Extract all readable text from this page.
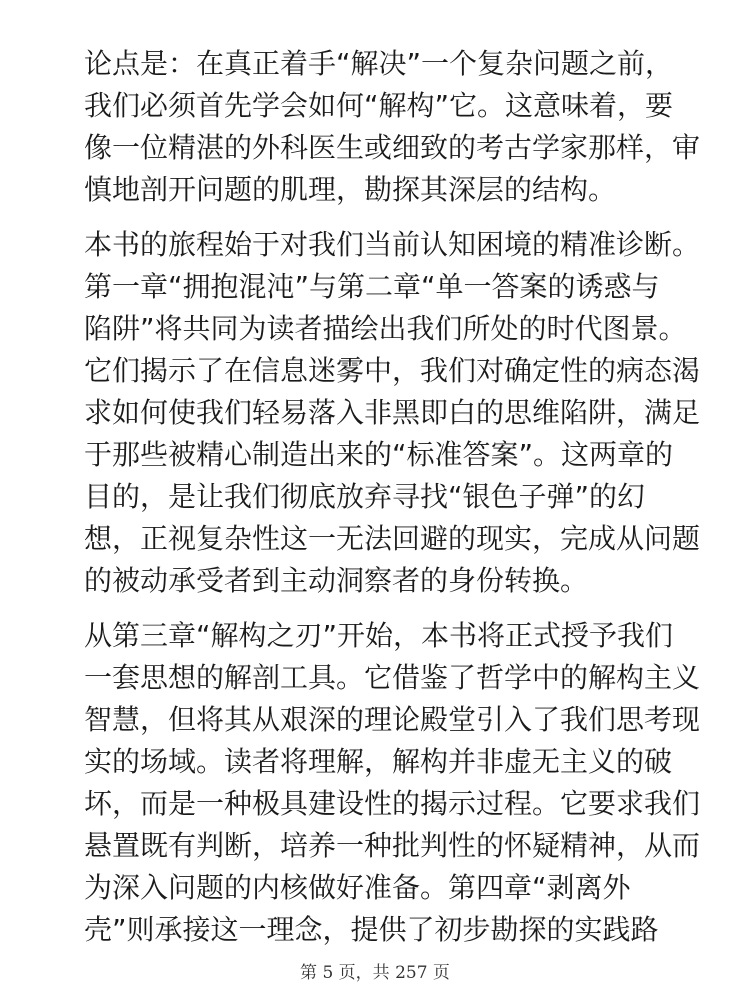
论点是：在真正着手“解决”一个复杂问题之前，
我们必须首先学会如何“解构”它。这意味着，要
像一位精湛的外科医生或细致的考古学家那样，审
慎地剖开问题的肌理，勘探其深层的结构。
本书的旅程始于对我们当前认知困境的精准诊断。
第一章“拥抱混沌”与第二章“单一答案的诱惑与
陷阱”将共同为读者描绘出我们所处的时代图景。
它们揭示了在信息迷雾中，我们对确定性的病态渴
求如何使我们轻易落入非黑即白的思维陷阱，满足
于那些被精心制造出来的“标准答案”。这两章的
目的，是让我们彻底放弃寻找“银色子弹”的幻
想，正视复杂性这一无法回避的现实，完成从问题
的被动承受者到主动洞察者的身份转换。
从第三章“解构之刃”开始，本书将正式授予我们
一套思想的解剖工具。它借鉴了哲学中的解构主义
智慧，但将其从艰深的理论殿堂引入了我们思考现
实的场域。读者将理解，解构并非虚无主义的破
坏，而是一种极具建设性的揭示过程。它要求我们
悬置既有判断，培养一种批判性的怀疑精神，从而
为深入问题的内核做好准备。第四章“剥离外
壳”则承接这一理念，提供了初步勘探的实践路
第 5 页，共 257 页
